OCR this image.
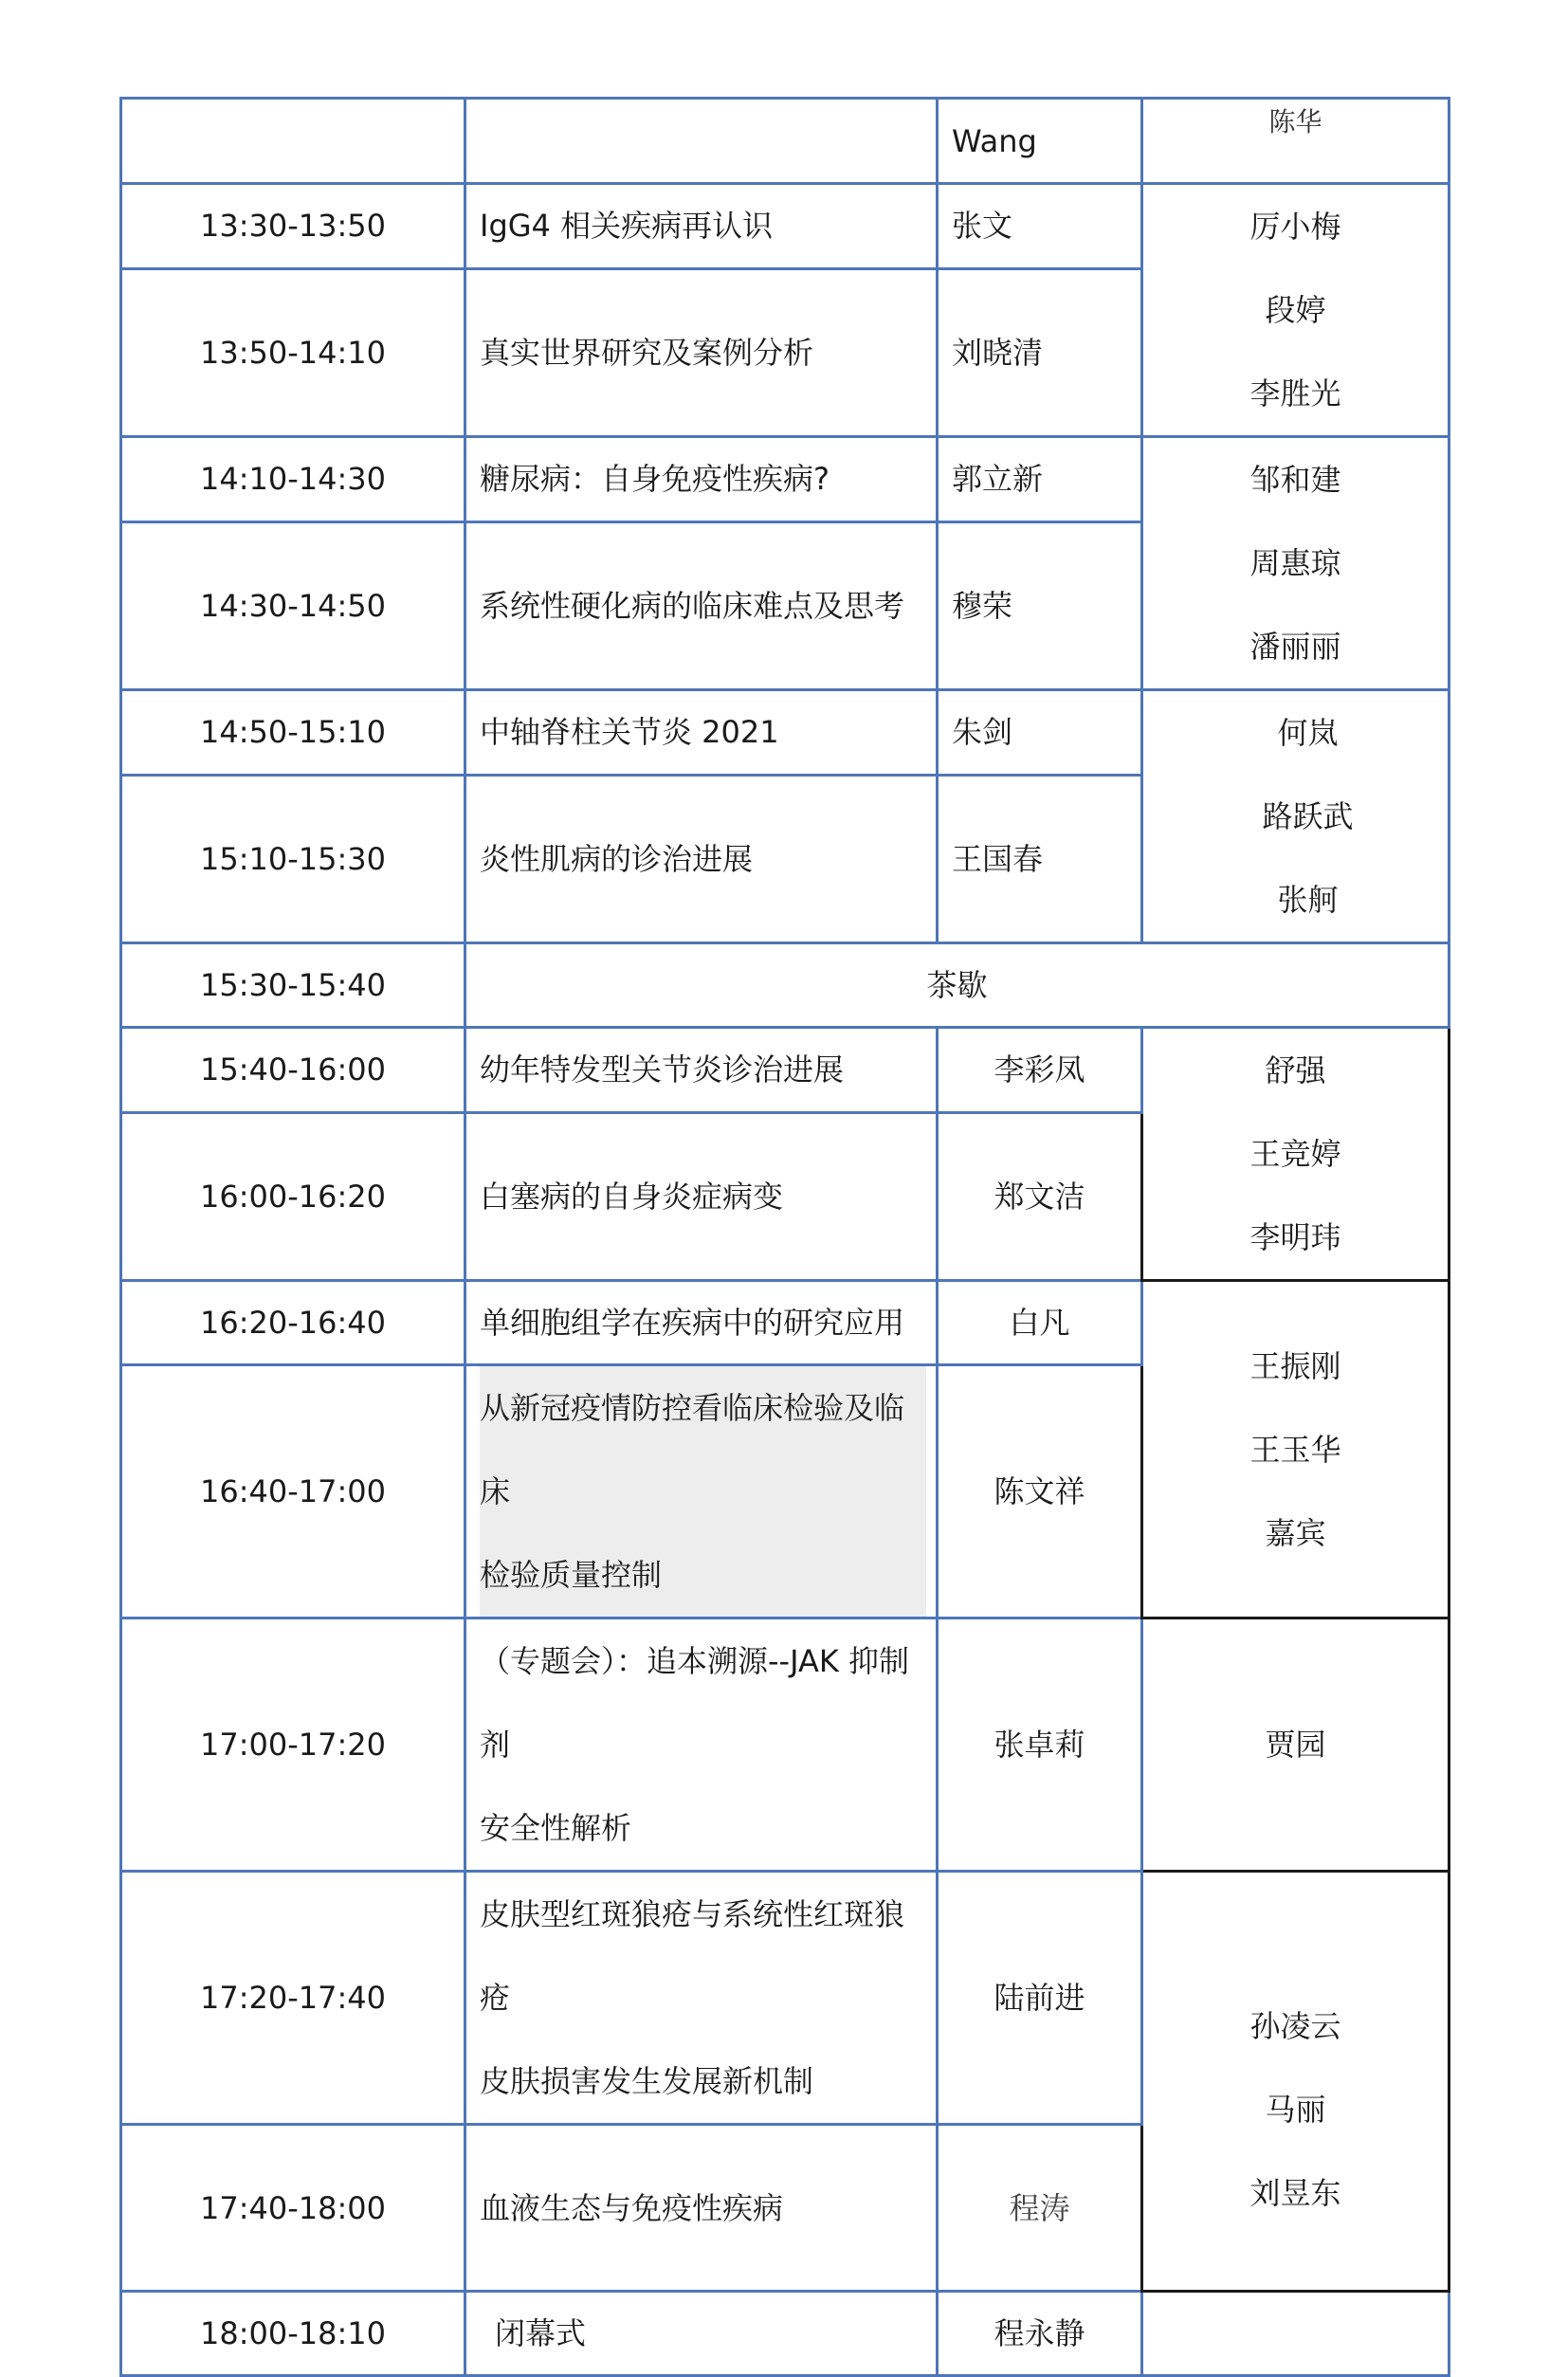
		Wang	陈华

13:30-13:50	IgG4 相关疾病再认识	张文	厉小梅
段婷
李胜光

13:50-14:10	真实世界研究及案例分析	刘晓清	
14:10-14:30	糖尿病：自身免疫性疾病?	郭立新	邹和建
周惠琼
潘丽丽

14:30-14:50	系统性硬化病的临床难点及思考	穆荣	
14:50-15:10	中轴脊柱关节炎 2021	朱剑	何岚
路跃武
张舸

15:10-15:30	炎性肌病的诊治进展	王国春	
15:30-15:40	茶歇		
15:40-16:00	幼年特发型关节炎诊治进展	李彩凤	舒强
王竞婷
李明玮

16:00-16:20	白塞病的自身炎症病变	郑文洁	
16:20-16:40	单细胞组学在疾病中的研究应用	白凡	王振刚
王玉华
嘉宾

16:40-17:00	从新冠疫情防控看临床检验及临床
检验质量控制	陈文祥	
17:00-17:20	（专题会）：追本溯源--JAK 抑制剂
安全性解析	张卓莉	贾园
17:20-17:40	皮肤型红斑狼疮与系统性红斑狼疮
皮肤损害发生发展新机制	陆前进	孙凌云
马丽
刘昱东

17:40-18:00	血液生态与免疫性疾病	程涛	
18:00-18:10	闭幕式	程永静	
